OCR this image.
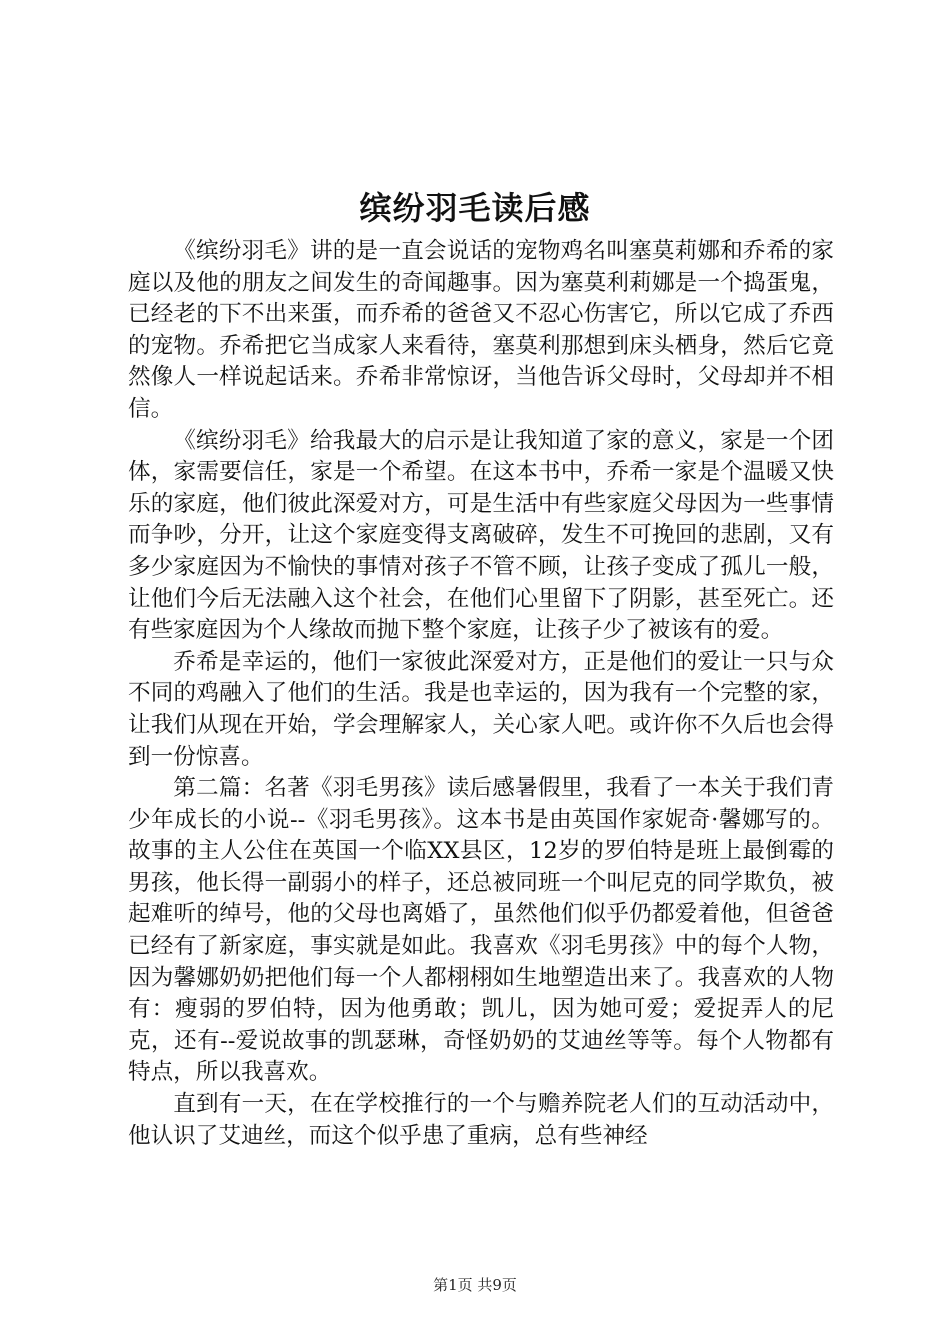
缤纷羽毛读后感

《缤纷羽毛》讲的是一直会说话的宠物鸡名叫塞莫莉娜和乔希的家庭以及他的朋友之间发生的奇闻趣事。因为塞莫利莉娜是一个捣蛋鬼，已经老的下不出来蛋，而乔希的爸爸又不忍心伤害它，所以它成了乔西的宠物。乔希把它当成家人来看待，塞莫利那想到床头栖身，然后它竟然像人一样说起话来。乔希非常惊讶，当他告诉父母时，父母却并不相信。

《缤纷羽毛》给我最大的启示是让我知道了家的意义，家是一个团体，家需要信任，家是一个希望。在这本书中，乔希一家是个温暖又快乐的家庭，他们彼此深爱对方，可是生活中有些家庭父母因为一些事情而争吵，分开，让这个家庭变得支离破碎，发生不可挽回的悲剧，又有多少家庭因为不愉快的事情对孩子不管不顾，让孩子变成了孤儿一般，让他们今后无法融入这个社会，在他们心里留下了阴影，甚至死亡。还有些家庭因为个人缘故而抛下整个家庭，让孩子少了被该有的爱。

乔希是幸运的，他们一家彼此深爱对方，正是他们的爱让一只与众不同的鸡融入了他们的生活。我是也幸运的，因为我有一个完整的家，让我们从现在开始，学会理解家人，关心家人吧。或许你不久后也会得到一份惊喜。

第二篇：名著《羽毛男孩》读后感暑假里，我看了一本关于我们青少年成长的小说--《羽毛男孩》。这本书是由英国作家妮奇·馨娜写的。故事的主人公住在英国一个临XX县区，12岁的罗伯特是班上最倒霉的男孩，他长得一副弱小的样子，还总被同班一个叫尼克的同学欺负，被起难听的绰号，他的父母也离婚了，虽然他们似乎仍都爱着他，但爸爸已经有了新家庭，事实就是如此。我喜欢《羽毛男孩》中的每个人物，因为馨娜奶奶把他们每一个人都栩栩如生地塑造出来了。我喜欢的人物有：瘦弱的罗伯特，因为他勇敢；凯儿，因为她可爱；爱捉弄人的尼克，还有--爱说故事的凯瑟琳，奇怪奶奶的艾迪丝等等。每个人物都有特点，所以我喜欢。

直到有一天，在在学校推行的一个与赡养院老人们的互动活动中，他认识了艾迪丝，而这个似乎患了重病，总有些神经

第1页 共9页
